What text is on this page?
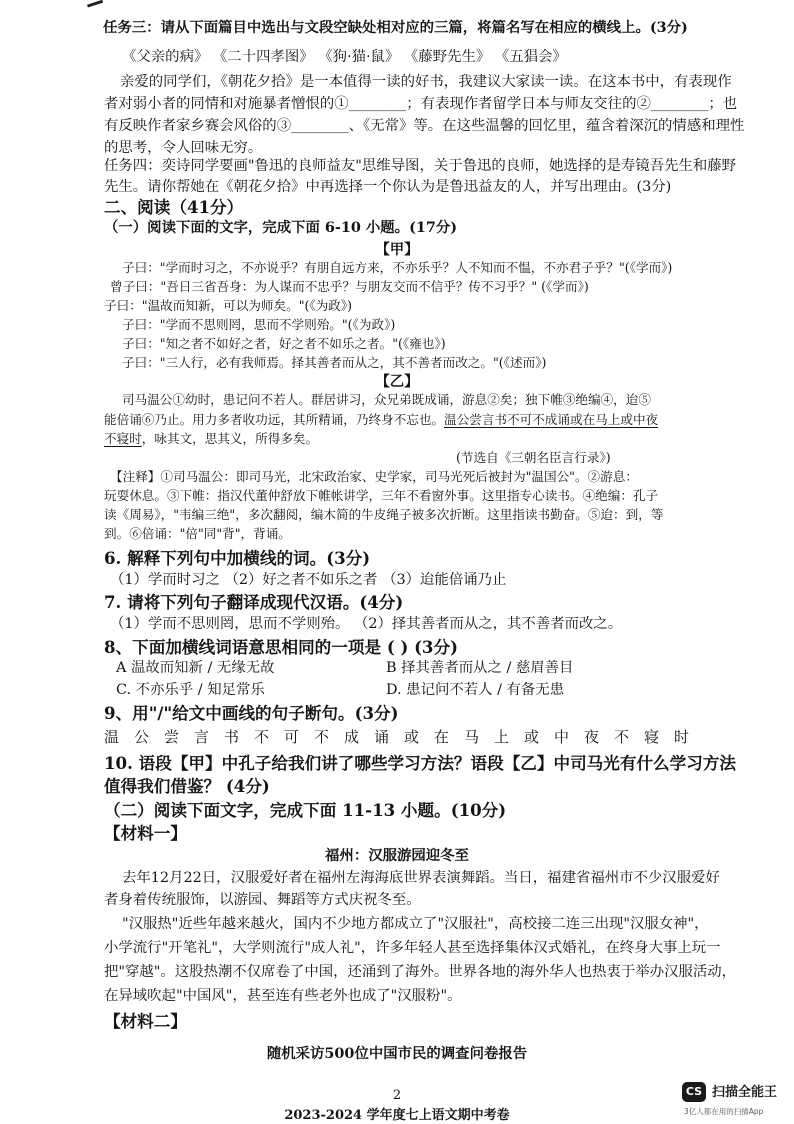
任务三：请从下面篇目中选出与文段空缺处相对应的三篇，将篇名写在相应的横线上。(3分)
《父亲的病》 《二十四孝图》 《狗·猫·鼠》 《藤野先生》 《五猖会》
亲爱的同学们，《朝花夕拾》是一本值得一读的好书，我建议大家读一读。在这本书中，有表现作
者对弱小者的同情和对施暴者憎恨的①________；有表现作者留学日本与师友交往的②________；也
有反映作者家乡赛会风俗的③________、《无常》等。在这些温馨的回忆里，蕴含着深沉的情感和理性
的思考，令人回味无穷。
任务四：奕诗同学要画"鲁迅的良师益友"思维导图，关于鲁迅的良师，她选择的是寿镜吾先生和藤野
先生。请你帮她在《朝花夕拾》中再选择一个你认为是鲁迅益友的人，并写出理由。(3分)
二、阅读（41分）
（一）阅读下面的文字，完成下面 6-10 小题。(17分)
【甲】
子曰："学而时习之，不亦说乎？有朋自远方来，不亦乐乎？人不知而不愠，不亦君子乎？"(《学而》)
曾子曰："吾日三省吾身：为人谋而不忠乎？与朋友交而不信乎？传不习乎？" (《学而》)
子曰："温故而知新，可以为师矣。"(《为政》)
子曰："学而不思则罔，思而不学则殆。"(《为政》)
子曰："知之者不如好之者，好之者不如乐之者。"(《雍也》)
子曰："三人行，必有我师焉。择其善者而从之，其不善者而改之。"(《述而》)
【乙】
司马温公①幼时，患记问不若人。群居讲习，众兄弟既成诵，游息②矣；独下帷③绝编④，迨⑤
能倍诵⑥乃止。用力多者收功远，其所精诵，乃终身不忘也。温公尝言书不可不成诵或在马上或中夜
不寝时，咏其文，思其义，所得多矣。
(节选自《三朝名臣言行录》)
【注释】①司马温公：即司马光，北宋政治家、史学家，司马光死后被封为"温国公"。②游息：
玩耍休息。③下帷：指汉代董仲舒放下帷帐讲学，三年不看窗外事。这里指专心读书。④绝编：孔子
读《周易》，"韦编三绝"，多次翻阅，编木简的牛皮绳子被多次折断。这里指读书勤奋。⑤迨：到，等
到。⑥倍诵："倍"同"背"，背诵。
6. 解释下列句中加横线的词。(3分)
（1）学而时习之 （2）好之者不如乐之者 （3）迨能倍诵乃止
7. 请将下列句子翻译成现代汉语。(4分)
（1）学而不思则罔，思而不学则殆。 （2）择其善者而从之，其不善者而改之。
8、下面加横线词语意思相同的一项是 ( ) (3分)
A 温故而知新 / 无缘无故	B 择其善者而从之 / 慈眉善目
C. 不亦乐乎 / 知足常乐	D. 患记问不若人 / 有备无患
9、用"/"给文中画线的句子断句。(3分)
温公尝言书不可不成诵或在马上或中夜不寝时
10. 语段【甲】中孔子给我们讲了哪些学习方法？语段【乙】中司马光有什么学习方法
值得我们借鉴？ (4分)
（二）阅读下面文字，完成下面 11-13 小题。(10分)
【材料一】
福州：汉服游园迎冬至
去年12月22日，汉服爱好者在福州左海海底世界表演舞蹈。当日，福建省福州市不少汉服爱好
者身着传统服饰，以游园、舞蹈等方式庆祝冬至。
"汉服热"近些年越来越火，国内不少地方都成立了"汉服社"，高校接二连三出现"汉服女神"，
小学流行"开笔礼"，大学则流行"成人礼"，许多年轻人甚至选择集体汉式婚礼，在终身大事上玩一
把"穿越"。这股热潮不仅席卷了中国，还涌到了海外。世界各地的海外华人也热衷于举办汉服活动，
在异域吹起"中国风"，甚至连有些老外也成了"汉服粉"。
【材料二】
随机采访500位中国市民的调查问卷报告
2
2023-2024 学年度七上语文期中考卷
CS 扫描全能王
3亿人都在用的扫描App
